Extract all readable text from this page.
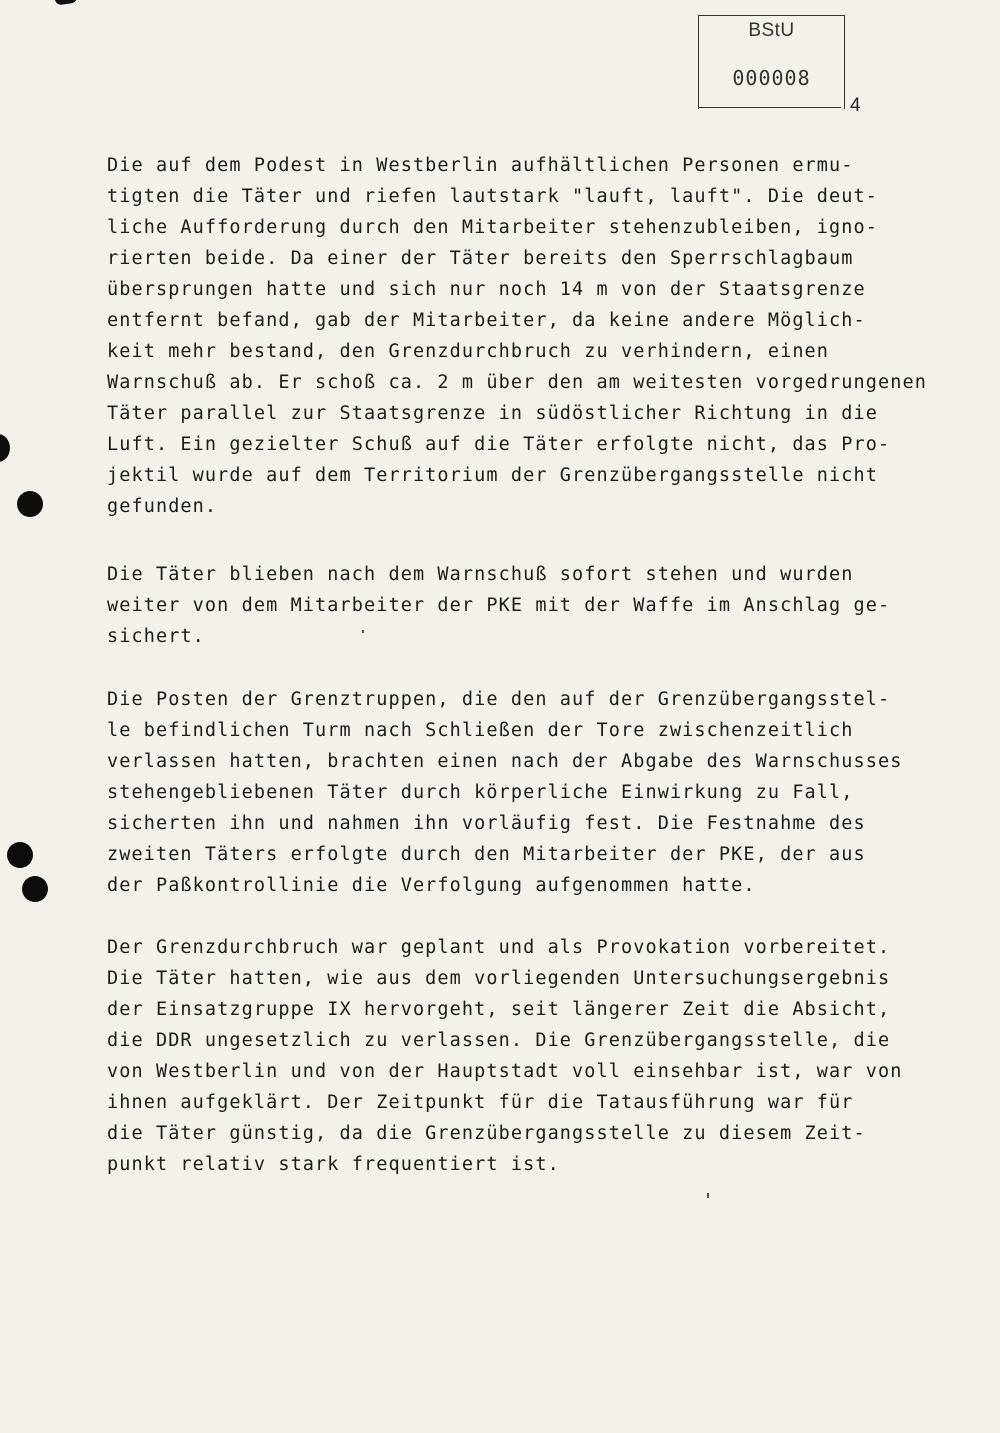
BStU
000008
4
Die auf dem Podest in Westberlin aufhältlichen Personen ermu-
tigten die Täter und riefen lautstark "lauft, lauft". Die deut-
liche Aufforderung durch den Mitarbeiter stehenzubleiben, igno-
rierten beide. Da einer der Täter bereits den Sperrschlagbaum
übersprungen hatte und sich nur noch 14 m von der Staatsgrenze
entfernt befand, gab der Mitarbeiter, da keine andere Möglich-
keit mehr bestand, den Grenzdurchbruch zu verhindern, einen
Warnschuß ab. Er schoß ca. 2 m über den am weitesten vorgedrungenen
Täter parallel zur Staatsgrenze in südöstlicher Richtung in die
Luft. Ein gezielter Schuß auf die Täter erfolgte nicht, das Pro-
jektil wurde auf dem Territorium der Grenzübergangsstelle nicht
gefunden.
Die Täter blieben nach dem Warnschuß sofort stehen und wurden
weiter von dem Mitarbeiter der PKE mit der Waffe im Anschlag ge-
sichert.
Die Posten der Grenztruppen, die den auf der Grenzübergangsstel-
le befindlichen Turm nach Schließen der Tore zwischenzeitlich
verlassen hatten, brachten einen nach der Abgabe des Warnschusses
stehengebliebenen Täter durch körperliche Einwirkung zu Fall,
sicherten ihn und nahmen ihn vorläufig fest. Die Festnahme des
zweiten Täters erfolgte durch den Mitarbeiter der PKE, der aus
der Paßkontrollinie die Verfolgung aufgenommen hatte.
Der Grenzdurchbruch war geplant und als Provokation vorbereitet.
Die Täter hatten, wie aus dem vorliegenden Untersuchungsergebnis
der Einsatzgruppe IX hervorgeht, seit längerer Zeit die Absicht,
die DDR ungesetzlich zu verlassen. Die Grenzübergangsstelle, die
von Westberlin und von der Hauptstadt voll einsehbar ist, war von
ihnen aufgeklärt. Der Zeitpunkt für die Tatausführung war für
die Täter günstig, da die Grenzübergangsstelle zu diesem Zeit-
punkt relativ stark frequentiert ist.
